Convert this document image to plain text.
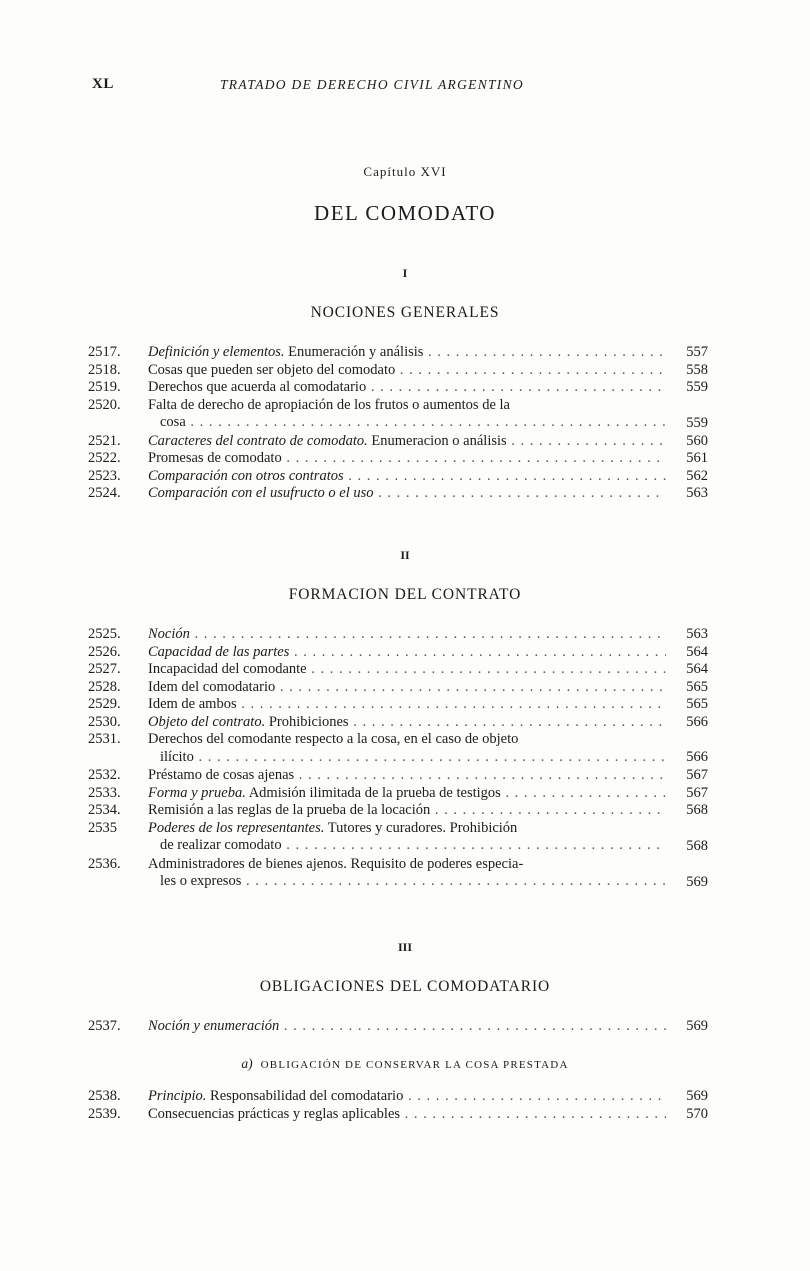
XL	TRATADO DE DERECHO CIVIL ARGENTINO
Capítulo XVI
DEL COMODATO
I
NOCIONES GENERALES
2517.	Definición y elementos. Enumeración y análisis . . .	557
2518.	Cosas que pueden ser objeto del comodato . . .	558
2519.	Derechos que acuerda al comodatario . . .	559
2520.	Falta de derecho de apropiación de los frutos o aumentos de la
cosa . . .	559
2521.	Caracteres del contrato de comodato. Enumeracion o análisis . . .	560
2522.	Promesas de comodato . . .	561
2523.	Comparación con otros contratos . . .	562
2524.	Comparación con el usufructo o el uso . . .	563
II
FORMACION DEL CONTRATO
2525.	Noción . . .	563
2526.	Capacidad de las partes . . .	564
2527.	Incapacidad del comodante . . .	564
2528.	Idem del comodatario . . .	565
2529.	Idem de ambos . . .	565
2530.	Objeto del contrato. Prohibiciones . . .	566
2531.	Derechos del comodante respecto a la cosa, en el caso de objeto
ilícito . . .	566
2532.	Préstamo de cosas ajenas . . .	567
2533.	Forma y prueba. Admisión ilimitada de la prueba de testigos . . .	567
2534.	Remisión a las reglas de la prueba de la locación . . .	568
2535	Poderes de los representantes. Tutores y curadores. Prohibición
de realizar comodato . . .	568
2536.	Administradores de bienes ajenos. Requisito de poderes especia-
les o expresos . . .	569
III
OBLIGACIONES DEL COMODATARIO
2537.	Noción y enumeración . . .	569
a) OBLIGACIÓN DE CONSERVAR LA COSA PRESTADA
2538.	Principio. Responsabilidad del comodatario . . .	569
2539.	Consecuencias prácticas y reglas aplicables . . .	570
